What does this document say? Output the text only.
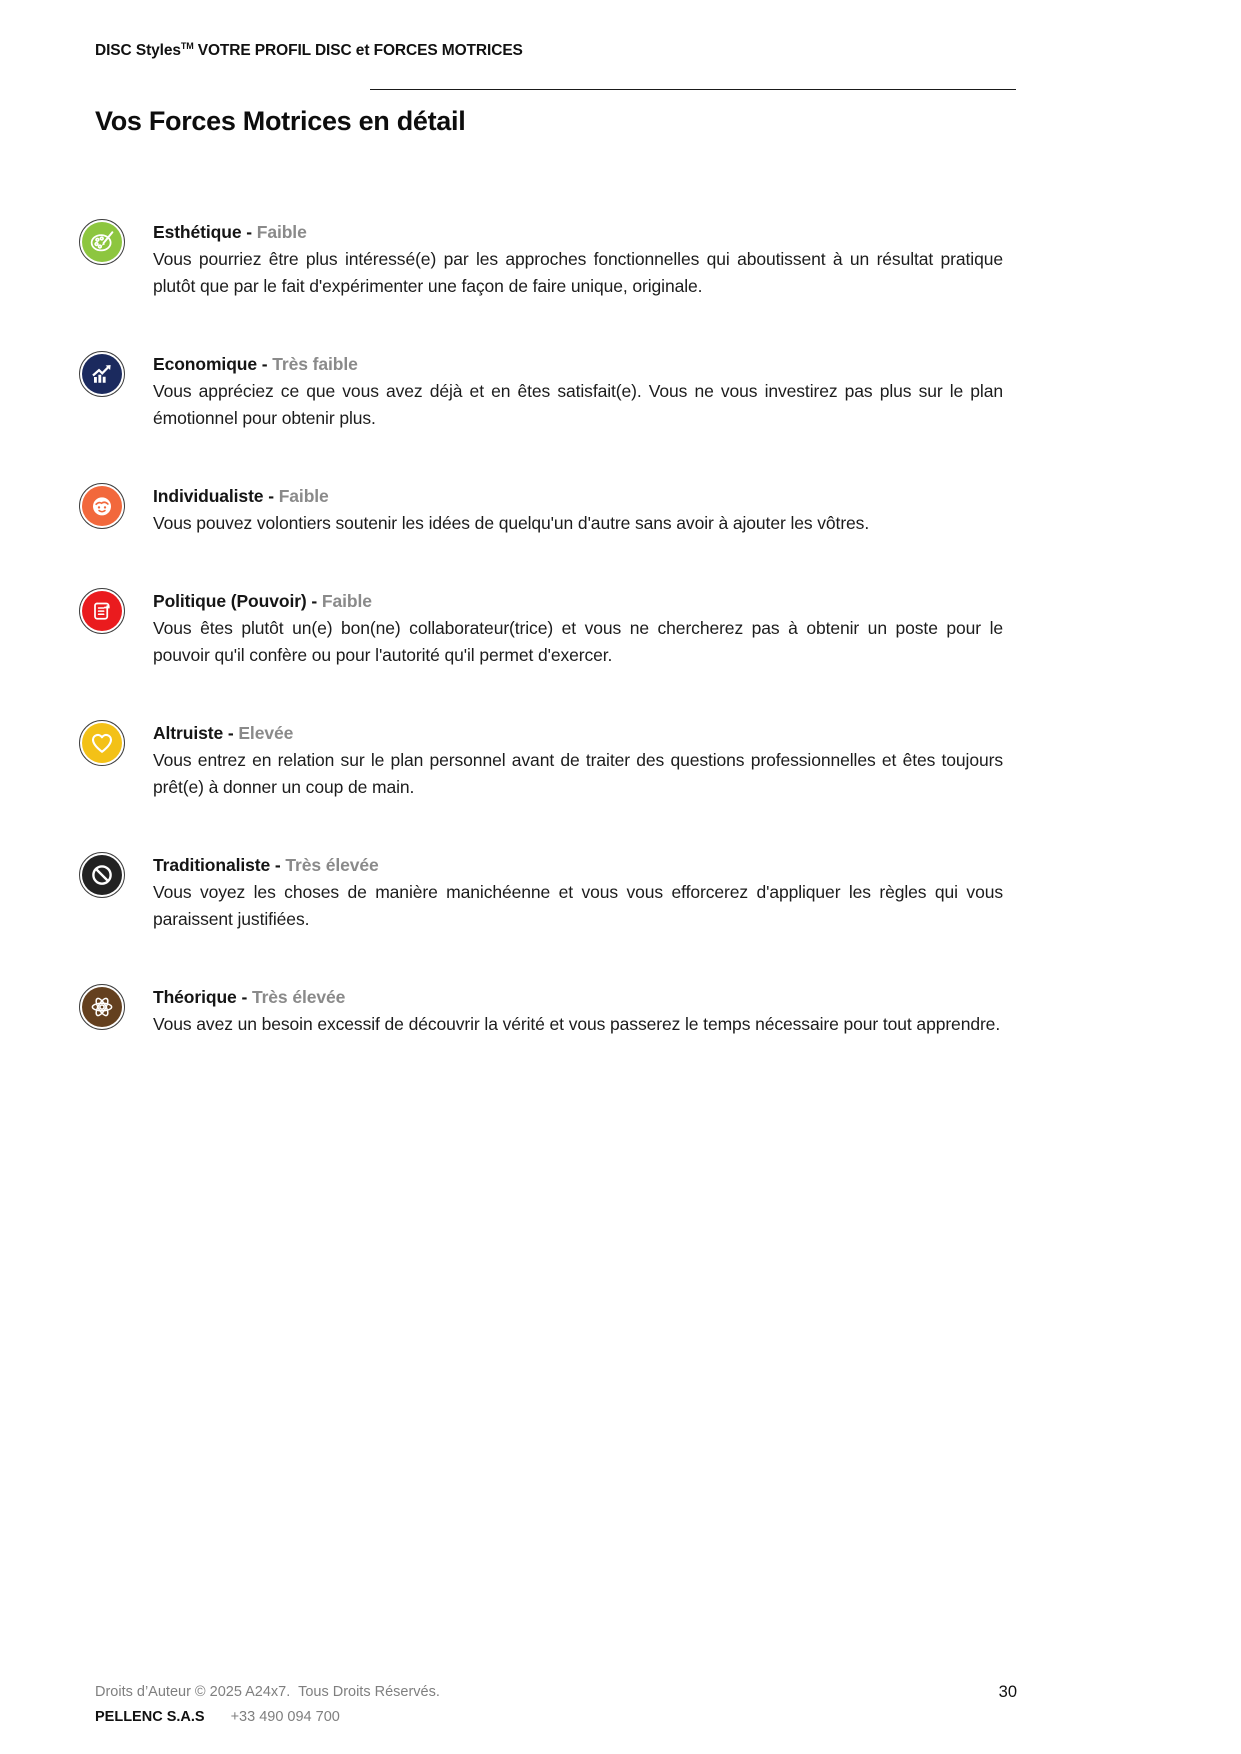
DISC Styles™ VOTRE PROFIL DISC et FORCES MOTRICES
Vos Forces Motrices en détail
Esthétique - Faible
Vous pourriez être plus intéressé(e) par les approches fonctionnelles qui aboutissent à un résultat pratique plutôt que par le fait d'expérimenter une façon de faire unique, originale.
Economique - Très faible
Vous appréciez ce que vous avez déjà et en êtes satisfait(e). Vous ne vous investirez pas plus sur le plan émotionnel pour obtenir plus.
Individualiste - Faible
Vous pouvez volontiers soutenir les idées de quelqu'un d'autre sans avoir à ajouter les vôtres.
Politique (Pouvoir) - Faible
Vous êtes plutôt un(e) bon(ne) collaborateur(trice) et vous ne chercherez pas à obtenir un poste pour le pouvoir qu'il confère ou pour l'autorité qu'il permet d'exercer.
Altruiste - Elevée
Vous entrez en relation sur le plan personnel avant de traiter des questions professionnelles et êtes toujours prêt(e) à donner un coup de main.
Traditionaliste - Très élevée
Vous voyez les choses de manière manichéenne et vous vous efforcerez d'appliquer les règles qui vous paraissent justifiées.
Théorique - Très élevée
Vous avez un besoin excessif de découvrir la vérité et vous passerez le temps nécessaire pour tout apprendre.
Droits d’Auteur © 2025 A24x7.  Tous Droits Réservés.
PELLENC S.A.S +33 490 094 700
30
